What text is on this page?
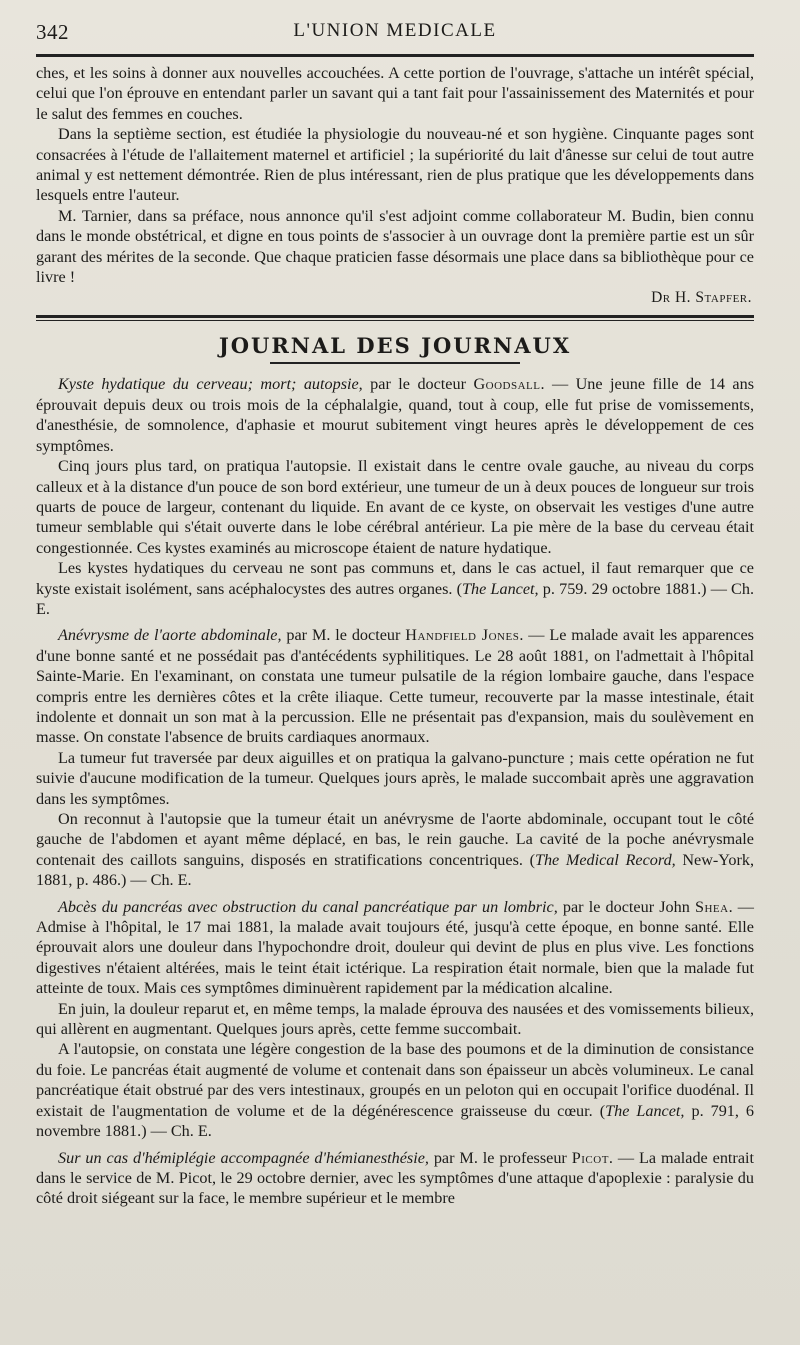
342	L'UNION MEDICALE

ches, et les soins à donner aux nouvelles accouchées. A cette portion de l'ouvrage, s'attache un intérêt spécial, celui que l'on éprouve en entendant parler un savant qui a tant fait pour l'assainissement des Maternités et pour le salut des femmes en couches.

Dans la septième section, est étudiée la physiologie du nouveau-né et son hygiène. Cinquante pages sont consacrées à l'étude de l'allaitement maternel et artificiel ; la supériorité du lait d'ânesse sur celui de tout autre animal y est nettement démontrée. Rien de plus intéressant, rien de plus pratique que les développements dans lesquels entre l'auteur.

M. Tarnier, dans sa préface, nous annonce qu'il s'est adjoint comme collaborateur M. Budin, bien connu dans le monde obstétrical, et digne en tous points de s'associer à un ouvrage dont la première partie est un sûr garant des mérites de la seconde. Que chaque praticien fasse désormais une place dans sa bibliothèque pour ce livre !

Dr H. Stapfer.
JOURNAL DES JOURNAUX

Kyste hydatique du cerveau; mort; autopsie, par le docteur Goodsall. — Une jeune fille de 14 ans éprouvait depuis deux ou trois mois de la céphalalgie, quand, tout à coup, elle fut prise de vomissements, d'anesthésie, de somnolence, d'aphasie et mourut subitement vingt heures après le développement de ces symptômes.

Cinq jours plus tard, on pratiqua l'autopsie. Il existait dans le centre ovale gauche, au niveau du corps calleux et à la distance d'un pouce de son bord extérieur, une tumeur de un à deux pouces de longueur sur trois quarts de pouce de largeur, contenant du liquide. En avant de ce kyste, on observait les vestiges d'une autre tumeur semblable qui s'était ouverte dans le lobe cérébral antérieur. La pie mère de la base du cerveau était congestionnée. Ces kystes examinés au microscope étaient de nature hydatique.

Les kystes hydatiques du cerveau ne sont pas communs et, dans le cas actuel, il faut remarquer que ce kyste existait isolément, sans acéphalocystes des autres organes. (The Lancet, p. 759. 29 octobre 1881.) — Ch. E.

Anévrysme de l'aorte abdominale, par M. le docteur Handfield Jones. — Le malade avait les apparences d'une bonne santé et ne possédait pas d'antécédents syphilitiques. Le 28 août 1881, on l'admettait à l'hôpital Sainte-Marie. En l'examinant, on constata une tumeur pulsatile de la région lombaire gauche, dans l'espace compris entre les dernières côtes et la crête iliaque. Cette tumeur, recouverte par la masse intestinale, était indolente et donnait un son mat à la percussion. Elle ne présentait pas d'expansion, mais du soulèvement en masse. On constate l'absence de bruits cardiaques anormaux.

La tumeur fut traversée par deux aiguilles et on pratiqua la galvano-puncture ; mais cette opération ne fut suivie d'aucune modification de la tumeur. Quelques jours après, le malade succombait après une aggravation dans les symptômes.

On reconnut à l'autopsie que la tumeur était un anévrysme de l'aorte abdominale, occupant tout le côté gauche de l'abdomen et ayant même déplacé, en bas, le rein gauche. La cavité de la poche anévrysmale contenait des caillots sanguins, disposés en stratifications concentriques. (The Medical Record, New-York, 1881, p. 486.) — Ch. E.

Abcès du pancréas avec obstruction du canal pancréatique par un lombric, par le docteur John Shea. — Admise à l'hôpital, le 17 mai 1881, la malade avait toujours été, jusqu'à cette époque, en bonne santé. Elle éprouvait alors une douleur dans l'hypochondre droit, douleur qui devint de plus en plus vive. Les fonctions digestives n'étaient altérées, mais le teint était ictérique. La respiration était normale, bien que la malade fut atteinte de toux. Mais ces symptômes diminuèrent rapidement par la médication alcaline.

En juin, la douleur reparut et, en même temps, la malade éprouva des nausées et des vomissements bilieux, qui allèrent en augmentant. Quelques jours après, cette femme succombait.

A l'autopsie, on constata une légère congestion de la base des poumons et de la diminution de consistance du foie. Le pancréas était augmenté de volume et contenait dans son épaisseur un abcès volumineux. Le canal pancréatique était obstrué par des vers intestinaux, groupés en un peloton qui en occupait l'orifice duodénal. Il existait de l'augmentation de volume et de la dégénérescence graisseuse du cœur. (The Lancet, p. 791, 6 novembre 1881.) — Ch. E.

Sur un cas d'hémiplégie accompagnée d'hémianesthésie, par M. le professeur Picot. — La malade entrait dans le service de M. Picot, le 29 octobre dernier, avec les symptômes d'une attaque d'apoplexie : paralysie du côté droit siégeant sur la face, le membre supérieur et le membre
